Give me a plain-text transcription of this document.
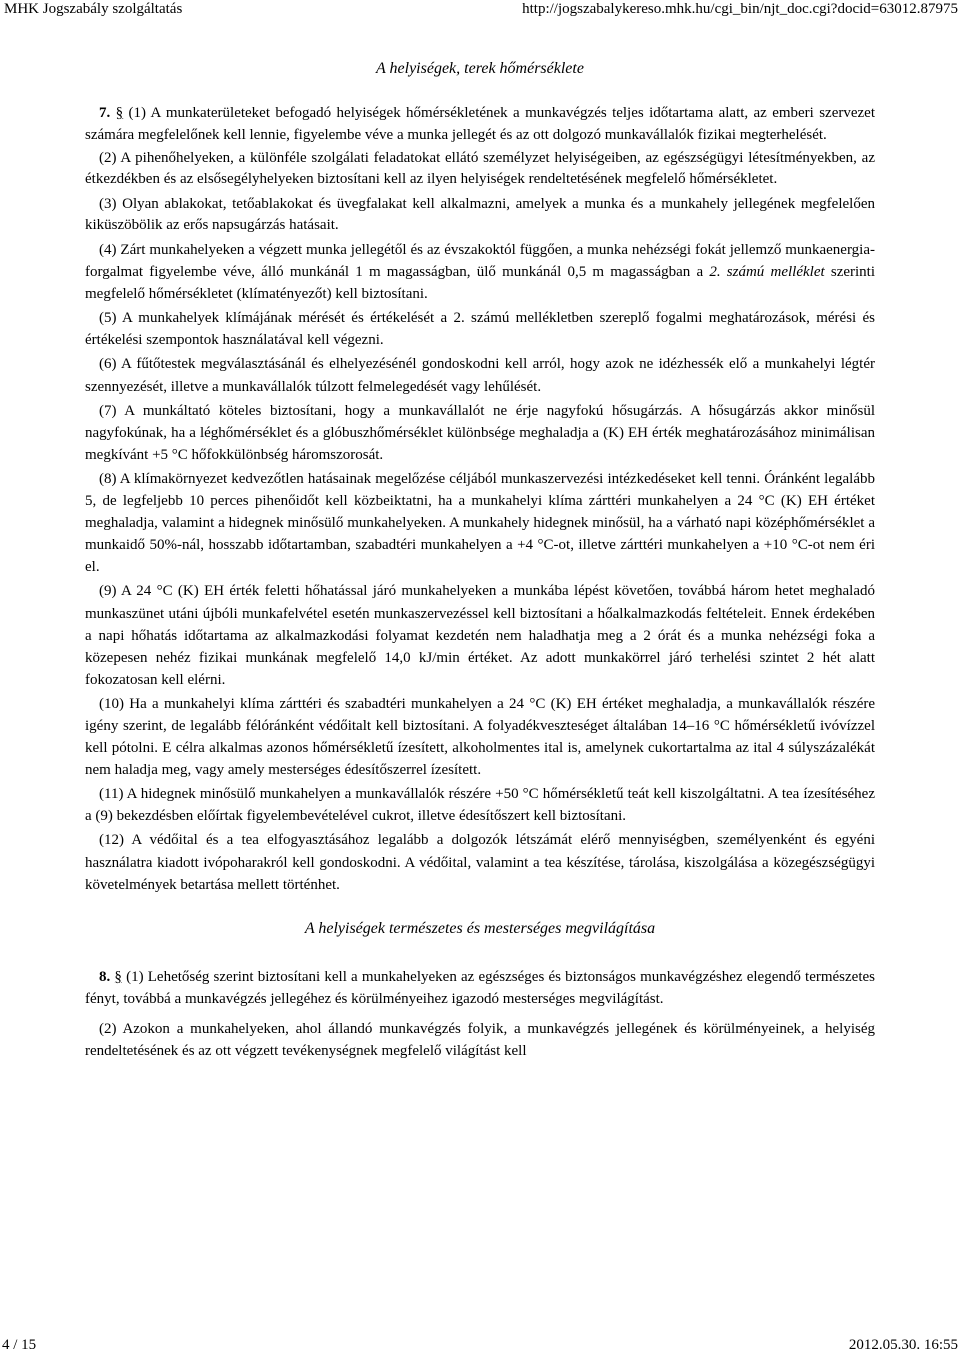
MHK Jogszabály szolgáltatás	http://jogszabalykereso.mhk.hu/cgi_bin/njt_doc.cgi?docid=63012.87975
A helyiségek, terek hőmérséklete

7. § (1) A munkaterületeket befogadó helyiségek hőmérsékletének a munkavégzés teljes időtartama alatt, az emberi szervezet számára megfelelőnek kell lennie, figyelembe véve a munka jellegét és az ott dolgozó munkavállalók fizikai megterhelését.

(2) A pihenőhelyeken, a különféle szolgálati feladatokat ellátó személyzet helyiségeiben, az egészségügyi létesítményekben, az étkezdékben és az elsősegélyhelyeken biztosítani kell az ilyen helyiségek rendeltetésének megfelelő hőmérsékletet.

(3) Olyan ablakokat, tetőablakokat és üvegfalakat kell alkalmazni, amelyek a munka és a munkahely jellegének megfelelően kiküszöbölik az erős napsugárzás hatásait.

(4) Zárt munkahelyeken a végzett munka jellegétől és az évszakoktól függően, a munka nehézségi fokát jellemző munkaenergia-forgalmat figyelembe véve, álló munkánál 1 m magasságban, ülő munkánál 0,5 m magasságban a 2. számú melléklet szerinti megfelelő hőmérsékletet (klímatényezőt) kell biztosítani.

(5) A munkahelyek klímájának mérését és értékelését a 2. számú mellékletben szereplő fogalmi meghatározások, mérési és értékelési szempontok használatával kell végezni.

(6) A fűtőtestek megválasztásánál és elhelyezésénél gondoskodni kell arról, hogy azok ne idézhessék elő a munkahelyi légtér szennyezését, illetve a munkavállalók túlzott felmelegedését vagy lehűlését.

(7) A munkáltató köteles biztosítani, hogy a munkavállalót ne érje nagyfokú hősugárzás. A hősugárzás akkor minősül nagyfokúnak, ha a léghőmérséklet és a glóbuszhőmérséklet különbsége meghaladja a (K) EH érték meghatározásához minimálisan megkívánt +5 °C hőfokkülönbség háromszorosát.

(8) A klímakörnyezet kedvezőtlen hatásainak megelőzése céljából munkaszervezési intézkedéseket kell tenni. Óránként legalább 5, de legfeljebb 10 perces pihenőidőt kell közbeiktatni, ha a munkahelyi klíma zárttéri munkahelyen a 24 °C (K) EH értéket meghaladja, valamint a hidegnek minősülő munkahelyeken. A munkahely hidegnek minősül, ha a várható napi középhőmérséklet a munkaidő 50%-nál, hosszabb időtartamban, szabadtéri munkahelyen a +4 °C-ot, illetve zárttéri munkahelyen a +10 °C-ot nem éri el.

(9) A 24 °C (K) EH érték feletti hőhatással járó munkahelyeken a munkába lépést követően, továbbá három hetet meghaladó munkaszünet utáni újbóli munkafelvétel esetén munkaszervezéssel kell biztosítani a hőalkalmazkodás feltételeit. Ennek érdekében a napi hőhatás időtartama az alkalmazkodási folyamat kezdetén nem haladhatja meg a 2 órát és a munka nehézségi foka a közepesen nehéz fizikai munkának megfelelő 14,0 kJ/min értéket. Az adott munkakörrel járó terhelési szintet 2 hét alatt fokozatosan kell elérni.

(10) Ha a munkahelyi klíma zárttéri és szabadtéri munkahelyen a 24 °C (K) EH értéket meghaladja, a munkavállalók részére igény szerint, de legalább félóránként védőitalt kell biztosítani. A folyadékveszteséget általában 14–16 °C hőmérsékletű ivóvízzel kell pótolni. E célra alkalmas azonos hőmérsékletű ízesített, alkoholmentes ital is, amelynek cukortartalma az ital 4 súlyszázalékát nem haladja meg, vagy amely mesterséges édesítőszerrel ízesített.

(11) A hidegnek minősülő munkahelyen a munkavállalók részére +50 °C hőmérsékletű teát kell kiszolgáltatni. A tea ízesítéséhez a (9) bekezdésben előírtak figyelembevételével cukrot, illetve édesítőszert kell biztosítani.

(12) A védőital és a tea elfogyasztásához legalább a dolgozók létszámát elérő mennyiségben, személyenként és egyéni használatra kiadott ivópoharakról kell gondoskodni. A védőital, valamint a tea készítése, tárolása, kiszolgálása a közegészségügyi követelmények betartása mellett történhet.

A helyiségek természetes és mesterséges megvilágítása

8. § (1) Lehetőség szerint biztosítani kell a munkahelyeken az egészséges és biztonságos munkavégzéshez elegendő természetes fényt, továbbá a munkavégzés jellegéhez és körülményeihez igazodó mesterséges megvilágítást.

(2) Azokon a munkahelyeken, ahol állandó munkavégzés folyik, a munkavégzés jellegének és körülményeinek, a helyiség rendeltetésének és az ott végzett tevékenységnek megfelelő világítást kell

4 / 15	2012.05.30. 16:55
